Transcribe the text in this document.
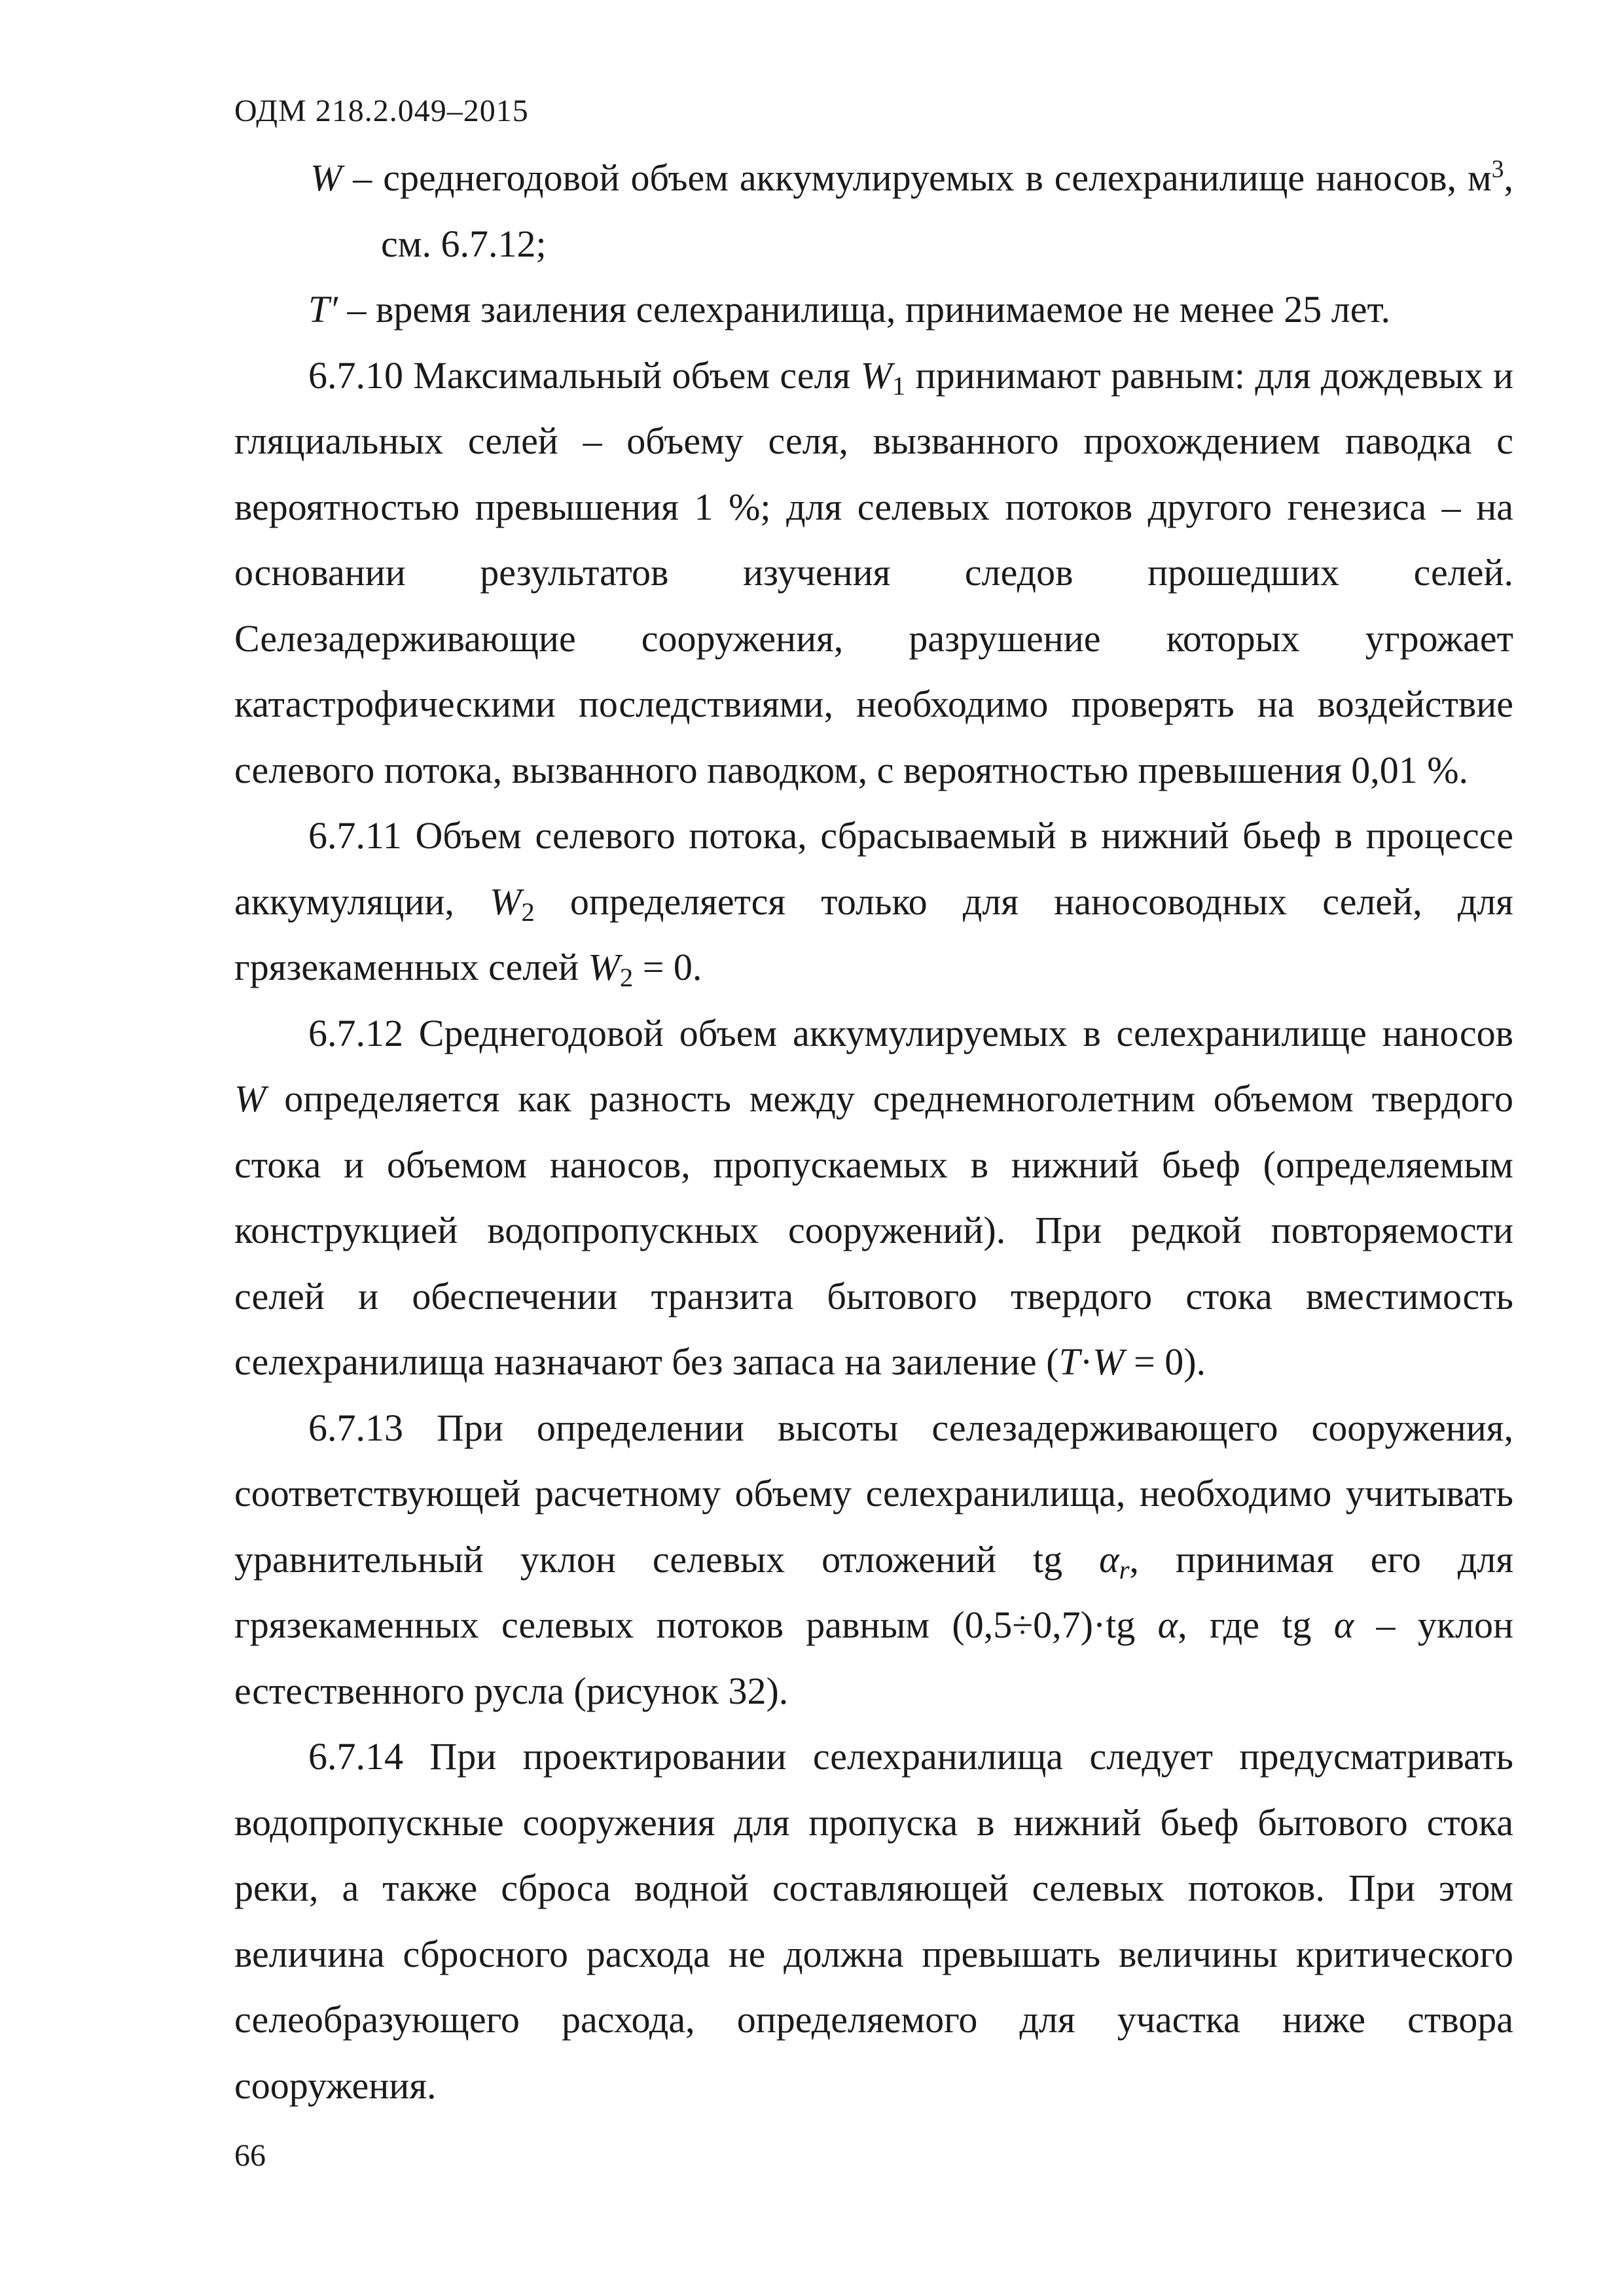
ОДМ 218.2.049–2015

W – среднегодовой объем аккумулируемых в селехранилище наносов, $м^3$, см. 6.7.12;

T′ – время заиления селехранилища, принимаемое не менее 25 лет.

6.7.10 Максимальный объем селя $W_1$ принимают равным: для дождевых и гляциальных селей – объему селя, вызванного прохождением паводка с вероятностью превышения 1 %; для селевых потоков другого генезиса – на основании результатов изучения следов прошедших селей. Селезадерживающие сооружения, разрушение которых угрожает катастрофическими последствиями, необходимо проверять на воздействие селевого потока, вызванного паводком, с вероятностью превышения 0,01 %.

6.7.11 Объем селевого потока, сбрасываемый в нижний бьеф в процессе аккумуляции, $W_2$ определяется только для наносоводных селей, для грязекаменных селей $W_2 = 0$.

6.7.12 Среднегодовой объем аккумулируемых в селехранилище наносов W определяется как разность между среднемноголетним объемом твердого стока и объемом наносов, пропускаемых в нижний бьеф (определяемым конструкцией водопропускных сооружений). При редкой повторяемости селей и обеспечении транзита бытового твердого стока вместимость селехранилища назначают без запаса на заиление (T·W = 0).

6.7.13 При определении высоты селезадерживающего сооружения, соответствующей расчетному объему селехранилища, необходимо учитывать уравнительный уклон селевых отложений tg $\alpha_r$, принимая его для грязекаменных селевых потоков равным (0,5÷0,7)·tg α, где tg α – уклон естественного русла (рисунок 32).

6.7.14 При проектировании селехранилища следует предусматривать водопропускные сооружения для пропуска в нижний бьеф бытового стока реки, а также сброса водной составляющей селевых потоков. При этом величина сбросного расхода не должна превышать величины критического селеобразующего расхода, определяемого для участка ниже створа сооружения.

66
